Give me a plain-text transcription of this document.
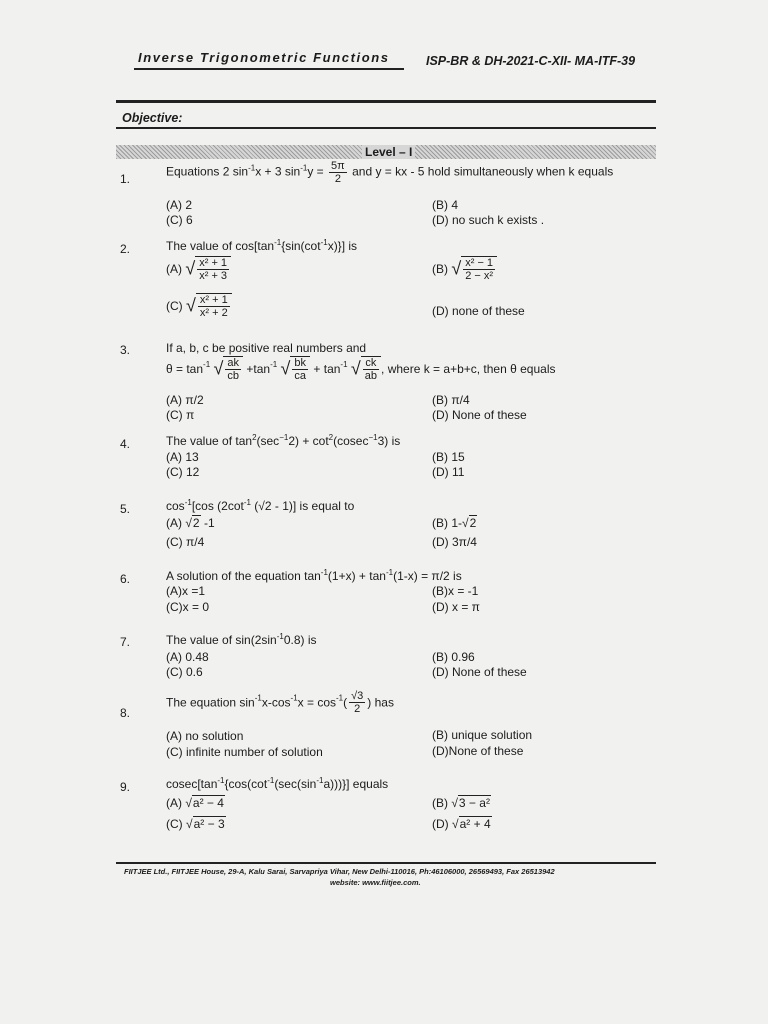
Inverse Trigonometric Functions	ISP-BR & DH-2021-C-XII- MA-ITF-39
Objective:
Level – I
1.
Equations 2 $\sin^{-1}x + 3$ $\sin^{-1}y = \frac{5\pi}{2}$ and y = kx - 5 hold simultaneously when k equals
(A) 2	(B) 4
(C) 6	(D) no such k exists .
2.	The value of $\cos[\tan^{-1}\{\sin(\cot^{-1}x)\}]$ is
(A) √ $\frac{\text{x² + 1}}{\text{x² + 3}}$	(B) √ $\frac{\text{x² − 1}}{\text{2 − x²}}$
(C) √ $\frac{\text{x² + 1}}{\text{x² + 2}}$	(D) none of these
3.	If a, b, c be positive real numbers and
$\theta = \tan^{-1}$ √ $\frac{ak}{cb} +\tan^{-1}$ √ $\frac{bk}{ca} + \tan^{-1}$ √ $\frac{ck}{ab}$ , where k = a+b+c, then θ equals
(A) π/2	(B) π/4
(C) π	(D) None of these
4.	The value of $\tan^2(\sec^{-1}2) + \cot^2(cosec^{-1}3)$ is
(A) 13	(B) 15
(C) 12	(D) 11
5.	$\cos^{-1}[\cos$ ($2\cot^{-1}$ (√2 - 1)] is equal to
(A) √2 -1	(B) 1-√2
(C) π/4	(D) 3π/4
6.	A solution of the equation $\tan^{-1}(1+x) + \tan^{-1}(1-x) = \pi/2$ is
(A)x =1	(B)x = -1
(C)x = 0	(D) x = π
7.	The value of $\sin(2\sin^{-1}0.8)$ is
(A) 0.48	(B) 0.96
(C) 0.6	(D) None of these
8.
The equation $\sin^{-1}x-\cos^{-1}x = \cos^{-1}( \frac{√3}{2}$ ) has
(A) no solution	(B) unique solution
(C) infinite number of solution	(D)None of these
9.	$cosec[\tan^{-1}\{\cos(\cot^{-1}(\sec(\sin^{-1}a)))\}]$ equals
(A) √a² − 4	(B) √3 − a²
(C) √a² − 3	(D) √a² + 4
FIITJEE Ltd., FIITJEE House, 29-A, Kalu Sarai, Sarvapriya Vihar, New Delhi-110016, Ph:46106000, 26569493, Fax 26513942
website: www.fiitjee.com.
